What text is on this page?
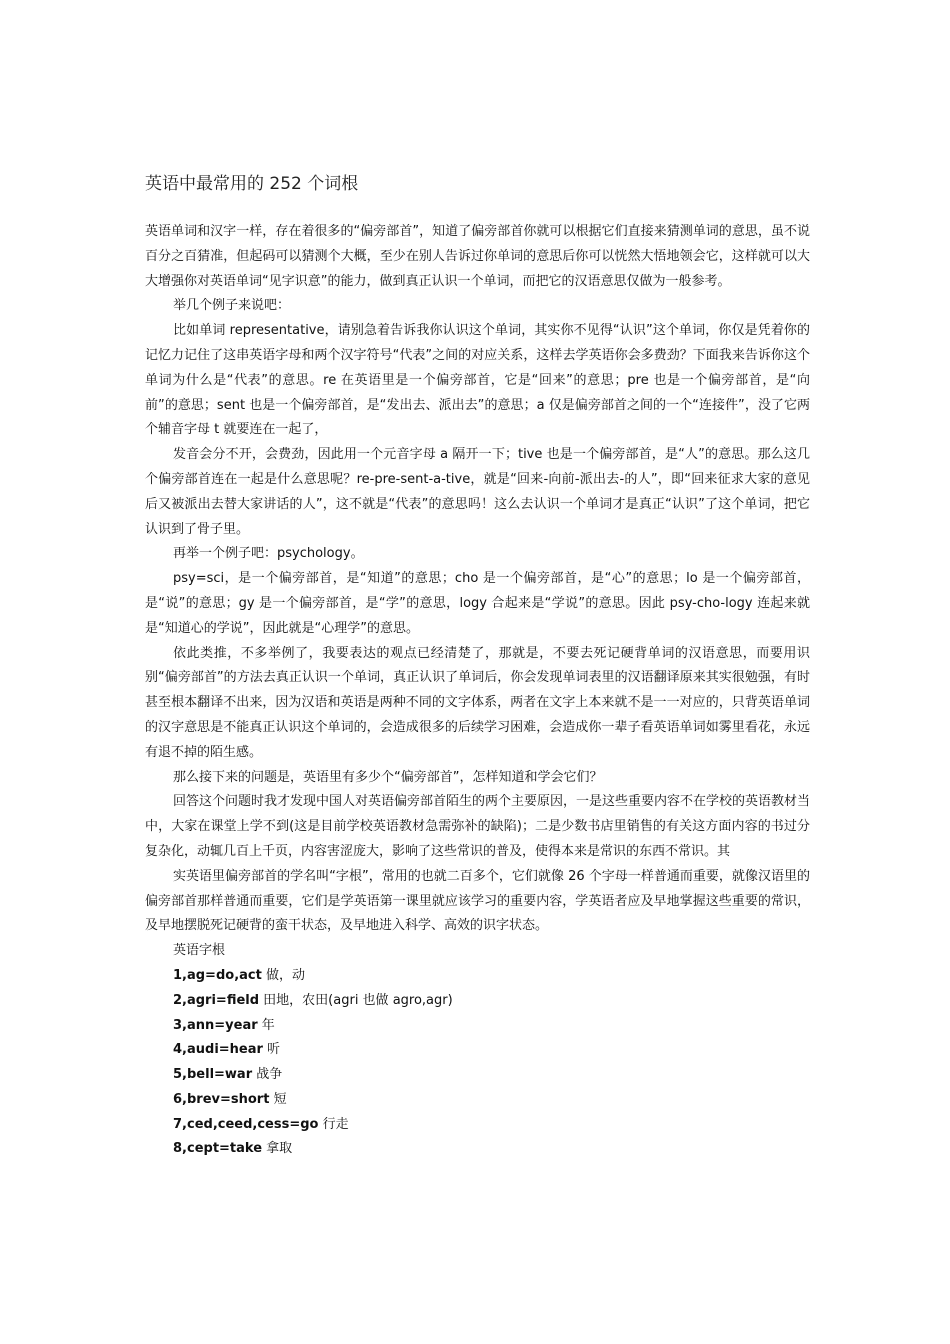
英语中最常用的 252 个词根

英语单词和汉字一样，存在着很多的“偏旁部首”，知道了偏旁部首你就可以根据它们直接来猜测单词的意思，虽不说百分之百猜准，但起码可以猜测个大概，至少在别人告诉过你单词的意思后你可以恍然大悟地领会它，这样就可以大大增强你对英语单词“见字识意”的能力，做到真正认识一个单词，而把它的汉语意思仅做为一般参考。

举几个例子来说吧：

比如单词 representative，请别急着告诉我你认识这个单词，其实你不见得“认识”这个单词，你仅是凭着你的记忆力记住了这串英语字母和两个汉字符号“代表”之间的对应关系，这样去学英语你会多费劲？下面我来告诉你这个单词为什么是“代表”的意思。re 在英语里是一个偏旁部首，它是“回来”的意思；pre 也是一个偏旁部首，是“向前”的意思；sent 也是一个偏旁部首，是“发出去、派出去”的意思；a 仅是偏旁部首之间的一个“连接件”，没了它两个辅音字母 t 就要连在一起了，

发音会分不开，会费劲，因此用一个元音字母 a 隔开一下；tive 也是一个偏旁部首，是“人”的意思。那么这几个偏旁部首连在一起是什么意思呢？re-pre-sent-a-tive，就是“回来-向前-派出去-的人”，即“回来征求大家的意见后又被派出去替大家讲话的人”，这不就是“代表”的意思吗！这么去认识一个单词才是真正“认识”了这个单词，把它认识到了骨子里。

再举一个例子吧：psychology。

psy=sci，是一个偏旁部首，是“知道”的意思；cho 是一个偏旁部首，是“心”的意思；lo 是一个偏旁部首，是“说”的意思；gy 是一个偏旁部首，是“学”的意思，logy 合起来是“学说”的意思。因此 psy-cho-logy 连起来就是“知道心的学说”，因此就是“心理学”的意思。

依此类推，不多举例了，我要表达的观点已经清楚了，那就是，不要去死记硬背单词的汉语意思，而要用识别“偏旁部首”的方法去真正认识一个单词，真正认识了单词后，你会发现单词表里的汉语翻译原来其实很勉强，有时甚至根本翻译不出来，因为汉语和英语是两种不同的文字体系，两者在文字上本来就不是一一对应的，只背英语单词的汉字意思是不能真正认识这个单词的，会造成很多的后续学习困难，会造成你一辈子看英语单词如雾里看花，永远有退不掉的陌生感。

那么接下来的问题是，英语里有多少个“偏旁部首”，怎样知道和学会它们？

回答这个问题时我才发现中国人对英语偏旁部首陌生的两个主要原因，一是这些重要内容不在学校的英语教材当中，大家在课堂上学不到(这是目前学校英语教材急需弥补的缺陷)；二是少数书店里销售的有关这方面内容的书过分复杂化，动辄几百上千页，内容害涩庞大，影响了这些常识的普及，使得本来是常识的东西不常识。其

实英语里偏旁部首的学名叫“字根”，常用的也就二百多个，它们就像 26 个字母一样普通而重要，就像汉语里的偏旁部首那样普通而重要，它们是学英语第一课里就应该学习的重要内容，学英语者应及早地掌握这些重要的常识，及早地摆脱死记硬背的蛮干状态，及早地进入科学、高效的识字状态。

英语字根

1,ag=do,act 做，动
2,agri=field 田地，农田(agri 也做 agro,agr)
3,ann=year 年
4,audi=hear 听
5,bell=war 战争
6,brev=short 短
7,ced,ceed,cess=go 行走
8,cept=take 拿取
